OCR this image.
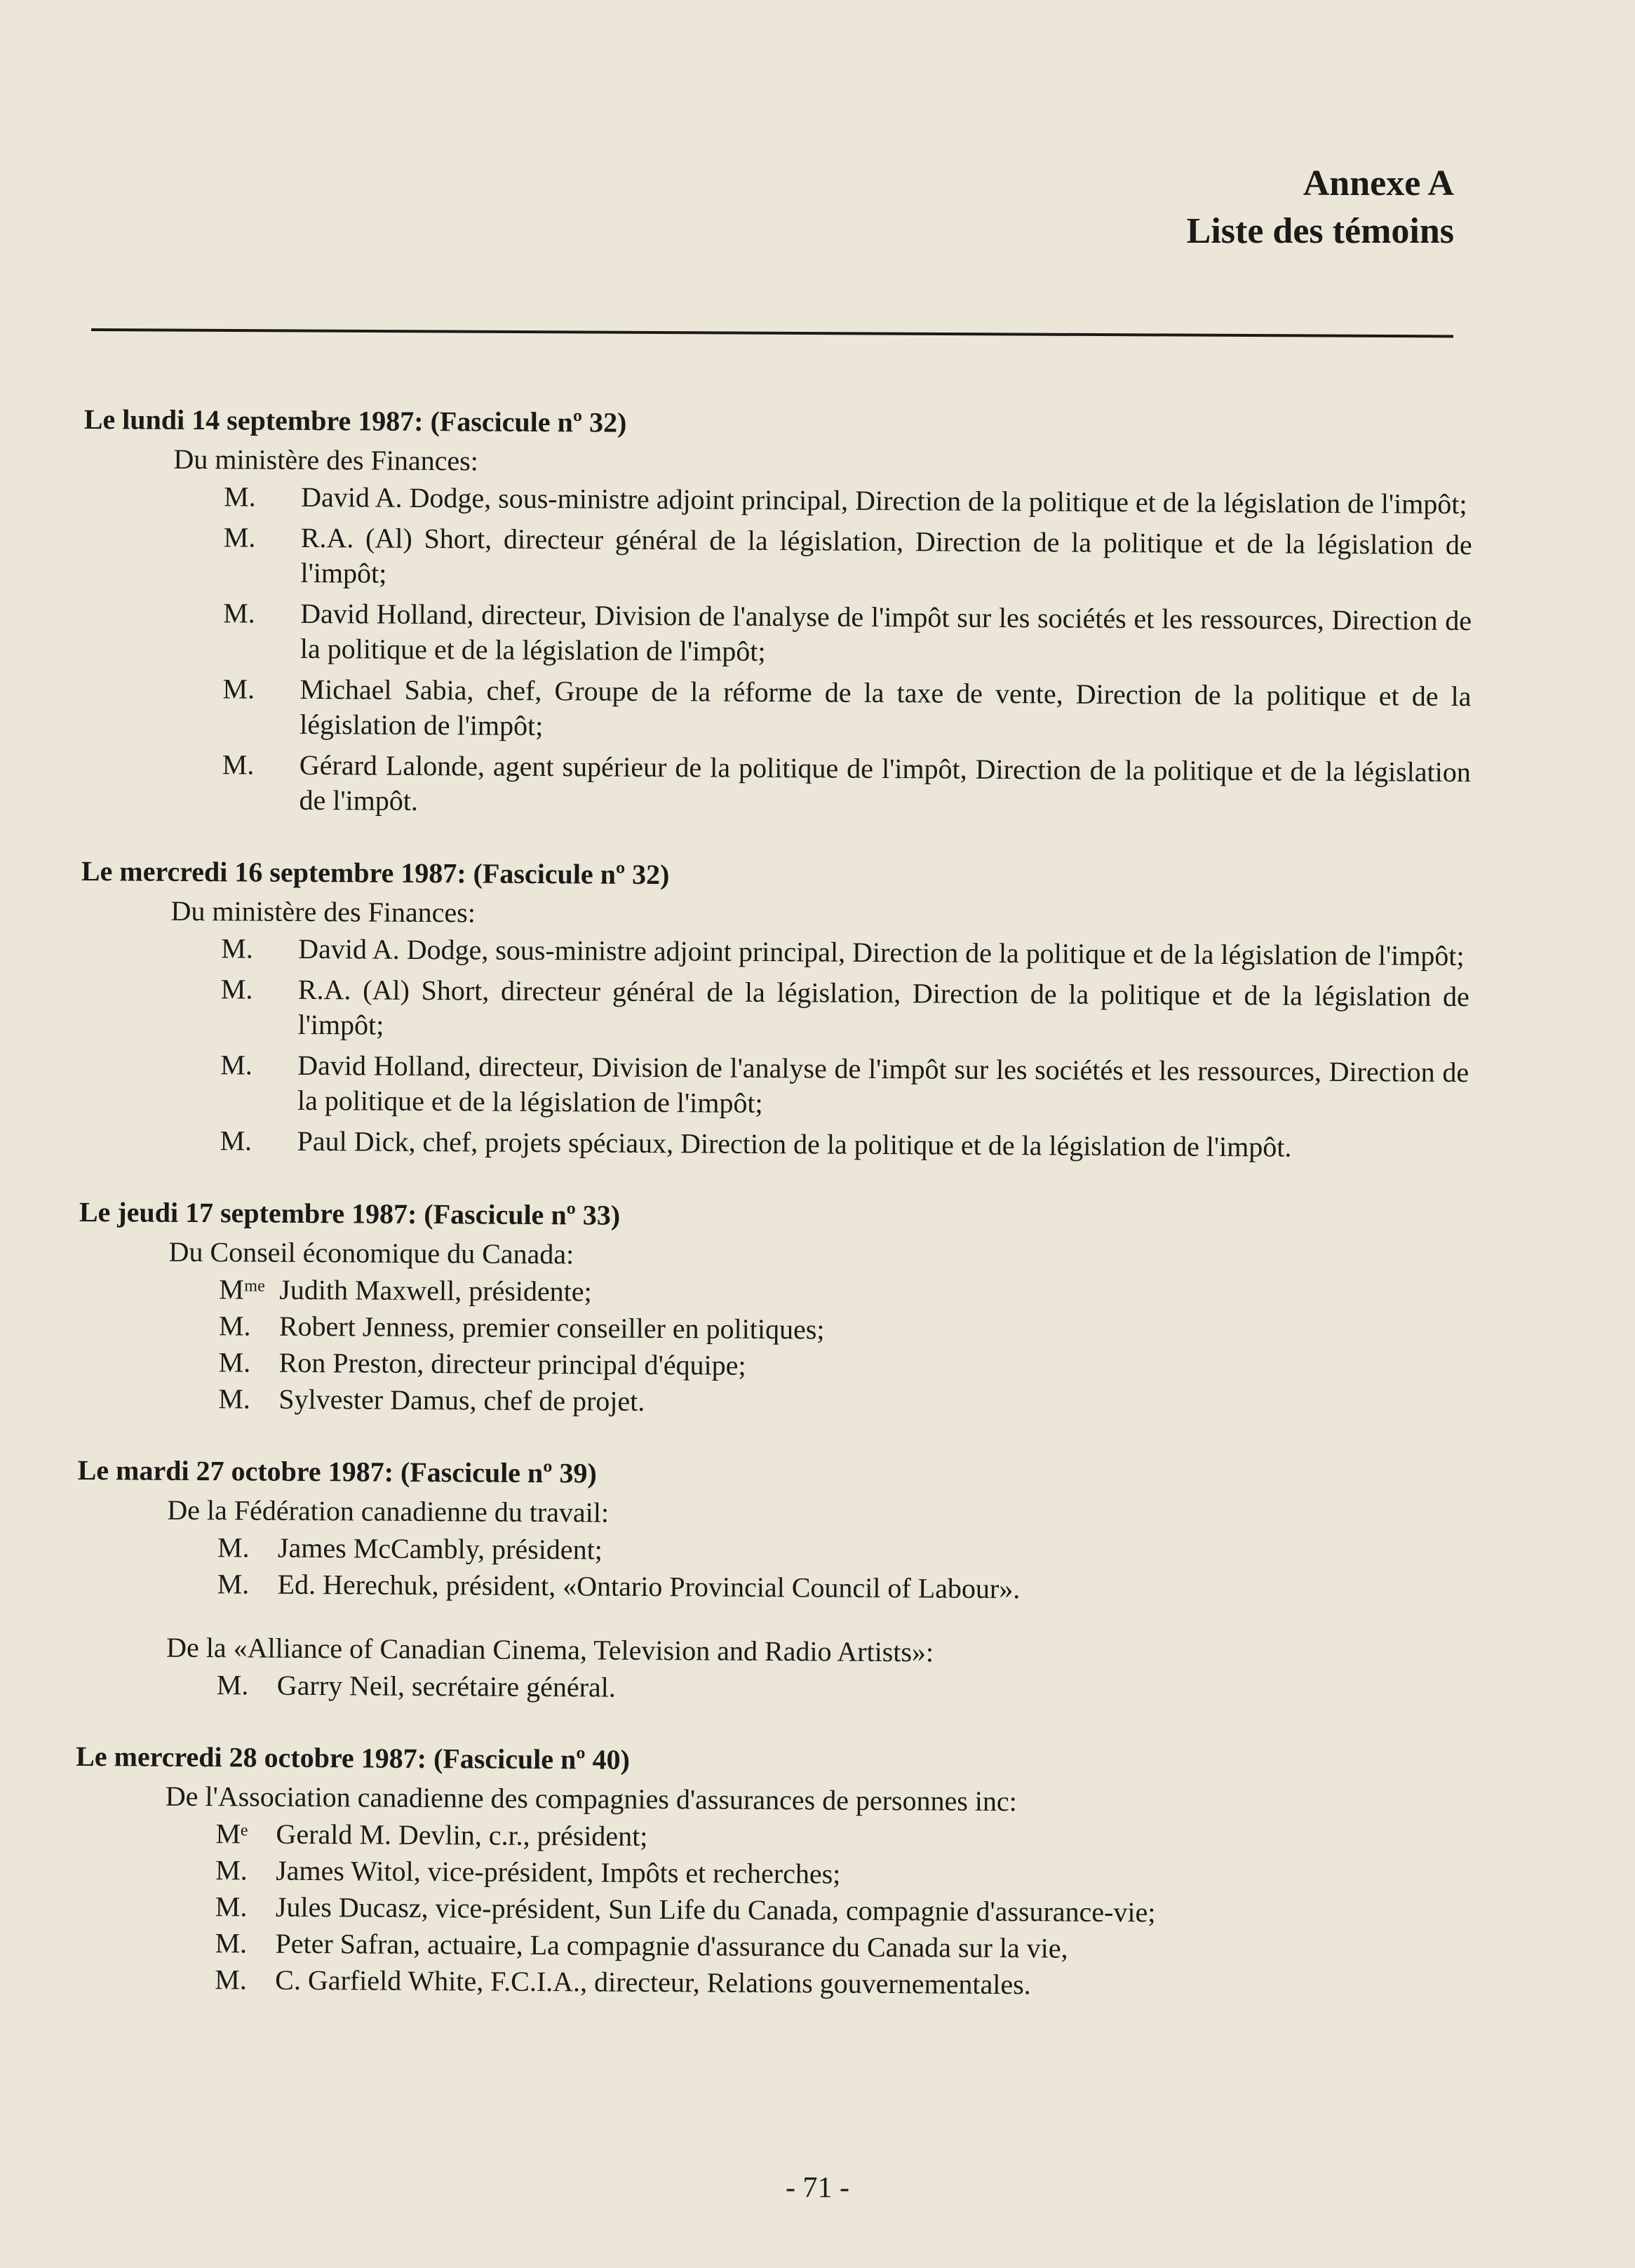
Annexe A
Liste des témoins
Le lundi 14 septembre 1987: (Fascicule nº 32)
Du ministère des Finances:
M.	David A. Dodge, sous-ministre adjoint principal, Direction de la politique et de la législation de l'impôt;
M.	R.A. (Al) Short, directeur général de la législation, Direction de la politique et de la législation de l'impôt;
M.	David Holland, directeur, Division de l'analyse de l'impôt sur les sociétés et les ressources, Direction de la politique et de la législation de l'impôt;
M.	Michael Sabia, chef, Groupe de la réforme de la taxe de vente, Direction de la politique et de la législation de l'impôt;
M.	Gérard Lalonde, agent supérieur de la politique de l'impôt, Direction de la politique et de la législation de l'impôt.
Le mercredi 16 septembre 1987: (Fascicule nº 32)
Du ministère des Finances:
M.	David A. Dodge, sous-ministre adjoint principal, Direction de la politique et de la législation de l'impôt;
M.	R.A. (Al) Short, directeur général de la législation, Direction de la politique et de la législation de l'impôt;
M.	David Holland, directeur, Division de l'analyse de l'impôt sur les sociétés et les ressources, Direction de la politique et de la législation de l'impôt;
M.	Paul Dick, chef, projets spéciaux, Direction de la politique et de la législation de l'impôt.
Le jeudi 17 septembre 1987: (Fascicule nº 33)
Du Conseil économique du Canada:
Mᵐᵉ Judith Maxwell, présidente;
M.	Robert Jenness, premier conseiller en politiques;
M.	Ron Preston, directeur principal d'équipe;
M.	Sylvester Damus, chef de projet.
Le mardi 27 octobre 1987: (Fascicule nº 39)
De la Fédération canadienne du travail:
M.	James McCambly, président;
M.	Ed. Herechuk, président, «Ontario Provincial Council of Labour».
De la «Alliance of Canadian Cinema, Television and Radio Artists»:
M.	Garry Neil, secrétaire général.
Le mercredi 28 octobre 1987: (Fascicule nº 40)
De l'Association canadienne des compagnies d'assurances de personnes inc:
Mᵉ Gerald M. Devlin, c.r., président;
M.	James Witol, vice-président, Impôts et recherches;
M.	Jules Ducasz, vice-président, Sun Life du Canada, compagnie d'assurance-vie;
M.	Peter Safran, actuaire, La compagnie d'assurance du Canada sur la vie,
M.	C. Garfield White, F.C.I.A., directeur, Relations gouvernementales.
- 71 -
